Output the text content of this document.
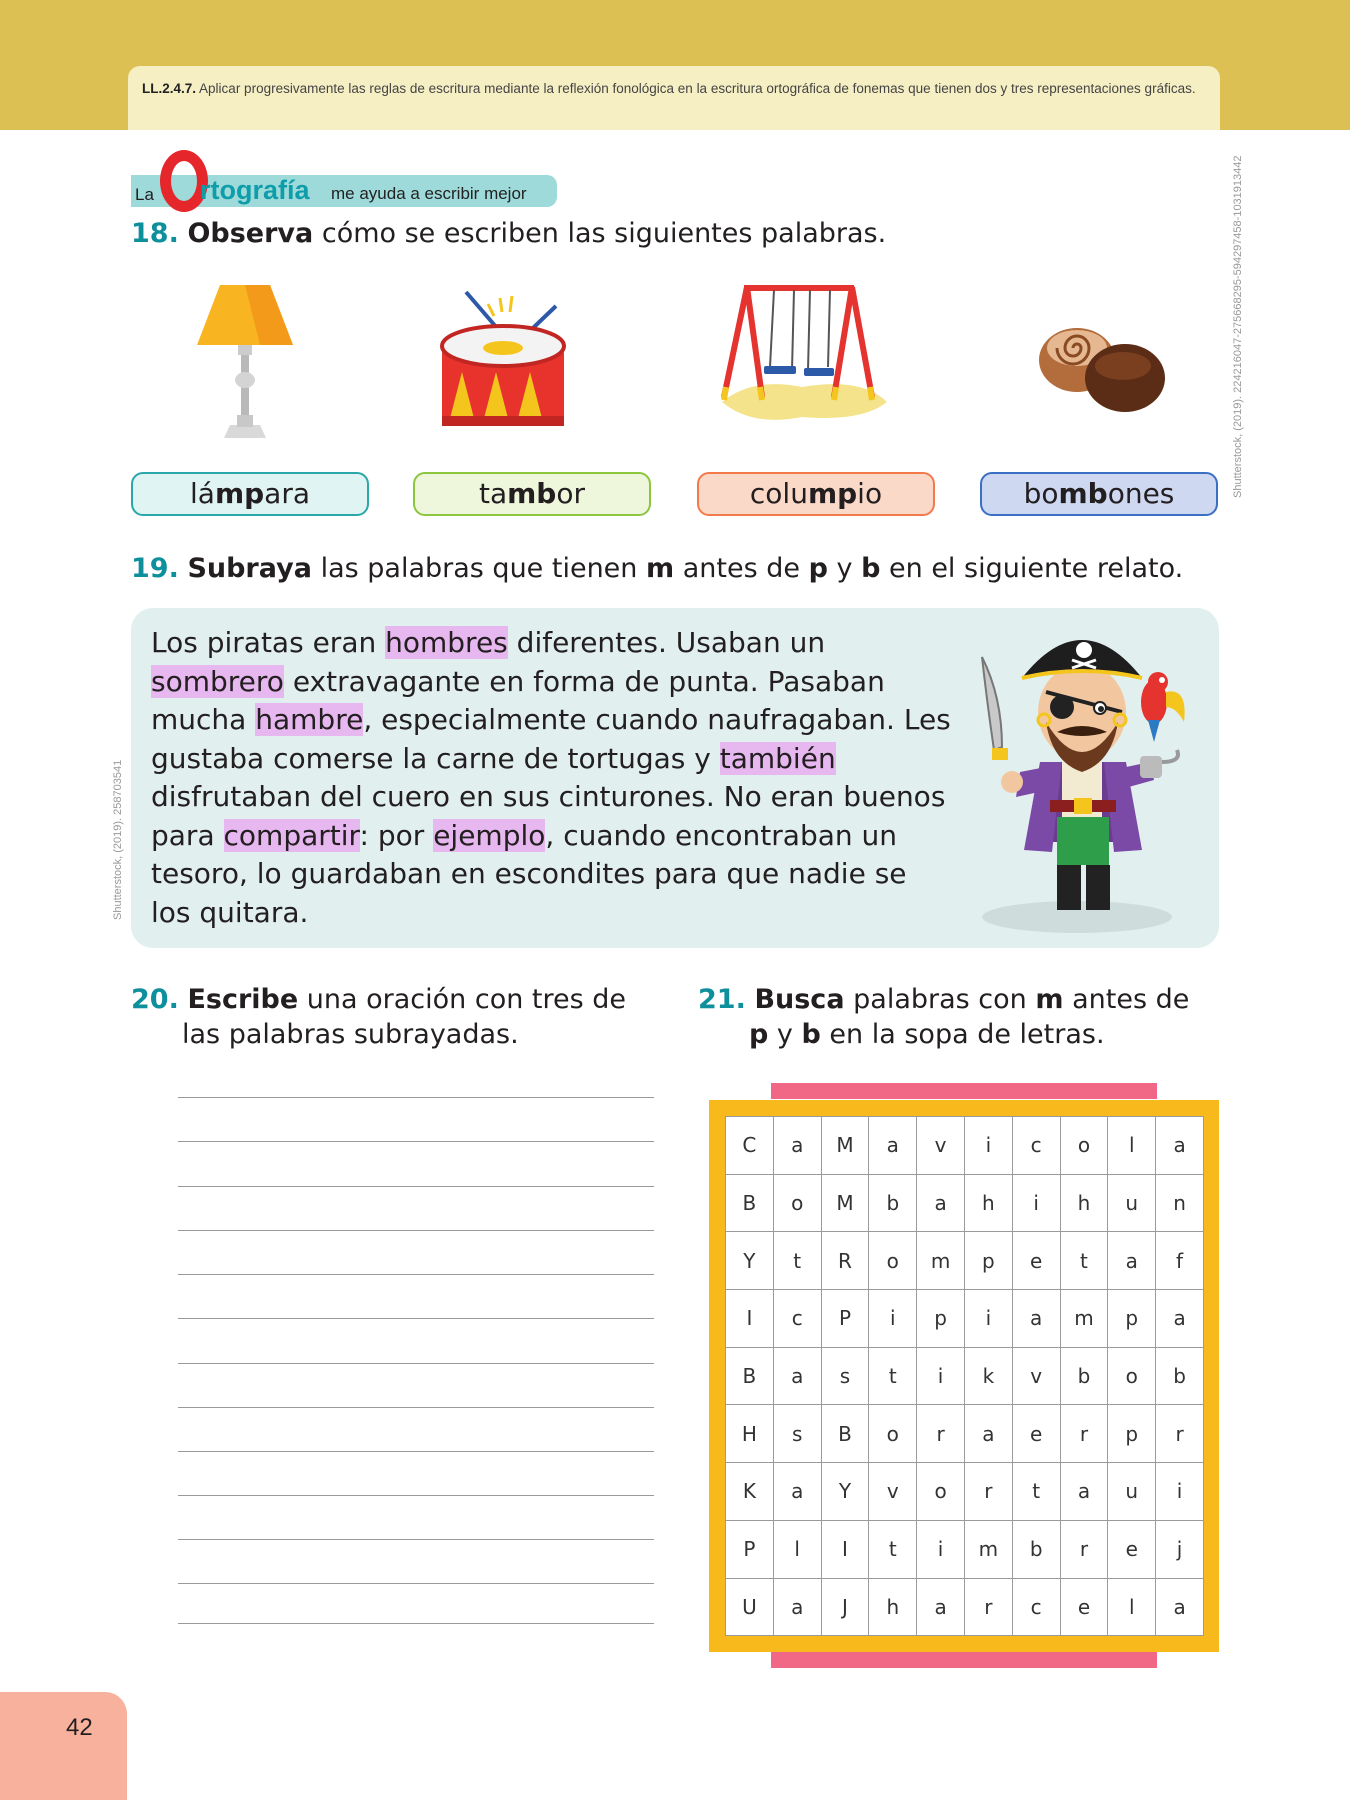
LL.2.4.7. Aplicar progresivamente las reglas de escritura mediante la reflexión fonológica en la escritura ortográfica de fonemas que tienen dos y tres representaciones gráficas.
La rtografía me ayuda a escribir mejor
18. Observa cómo se escriben las siguientes palabras.	Shutterstock, (2019). 224216047-275668295-594297458-1031913442
lámpara	tambor	columpio	bombones
19. Subraya las palabras que tienen m antes de p y b en el siguiente relato.
Los piratas eran hombres diferentes. Usaban un sombrero extravagante en forma de punta. Pasaban mucha hambre, especialmente cuando naufragaban. Les gustaba comerse la carne de tortugas y también disfrutaban del cuero en sus cinturones. No eran buenos para compartir: por ejemplo, cuando encontraban un tesoro, lo guardaban en escondites para que nadie se los quitara.
Shutterstock, (2019). 258703541
20. Escribe una oración con tres de
las palabras subrayadas.
21. Busca palabras con m antes de
p y b en la sopa de letras.
C	a	M	a	v	i	c	o	l	a
B	o	M	b	a	h	i	h	u	n
Y	t	R	o	m	p	e	t	a	f
I	c	P	i	p	i	a	m	p	a
B	a	s	t	i	k	v	b	o	b
H	s	B	o	r	a	e	r	p	r
K	a	Y	v	o	r	t	a	u	i
P	l	I	t	i	m	b	r	e	j
U	a	J	h	a	r	c	e	l	a
42
